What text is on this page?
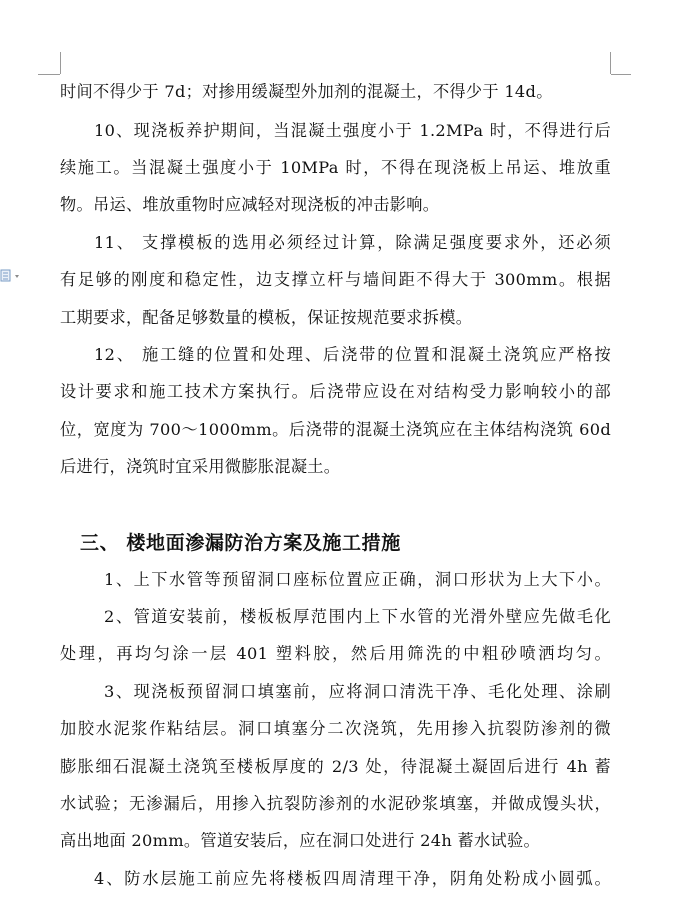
时间不得少于 7d；对掺用缓凝型外加剂的混凝土，不得少于 14d。
10、现浇板养护期间，当混凝土强度小于 1.2MPa 时，不得进行后
续施工。当混凝土强度小于 10MPa 时，不得在现浇板上吊运、堆放重
物。吊运、堆放重物时应减轻对现浇板的冲击影响。
11、 支撑模板的选用必须经过计算，除满足强度要求外，还必须
有足够的刚度和稳定性，边支撑立杆与墙间距不得大于 300mm。根据
工期要求，配备足够数量的模板，保证按规范要求拆模。
12、 施工缝的位置和处理、后浇带的位置和混凝土浇筑应严格按
设计要求和施工技术方案执行。后浇带应设在对结构受力影响较小的部
位，宽度为 700～1000mm。后浇带的混凝土浇筑应在主体结构浇筑 60d
后进行，浇筑时宜采用微膨胀混凝土。
三、 楼地面渗漏防治方案及施工措施
1、上下水管等预留洞口座标位置应正确，洞口形状为上大下小。
2、管道安装前，楼板板厚范围内上下水管的光滑外壁应先做毛化
处理，再均匀涂一层 401 塑料胶，然后用筛洗的中粗砂喷洒均匀。
3、现浇板预留洞口填塞前，应将洞口清洗干净、毛化处理、涂刷
加胶水泥浆作粘结层。洞口填塞分二次浇筑，先用掺入抗裂防渗剂的微
膨胀细石混凝土浇筑至楼板厚度的 2/3 处，待混凝土凝固后进行 4h 蓄
水试验；无渗漏后，用掺入抗裂防渗剂的水泥砂浆填塞，并做成馒头状，
高出地面 20mm。管道安装后，应在洞口处进行 24h 蓄水试验。
4、防水层施工前应先将楼板四周清理干净，阴角处粉成小圆弧。
